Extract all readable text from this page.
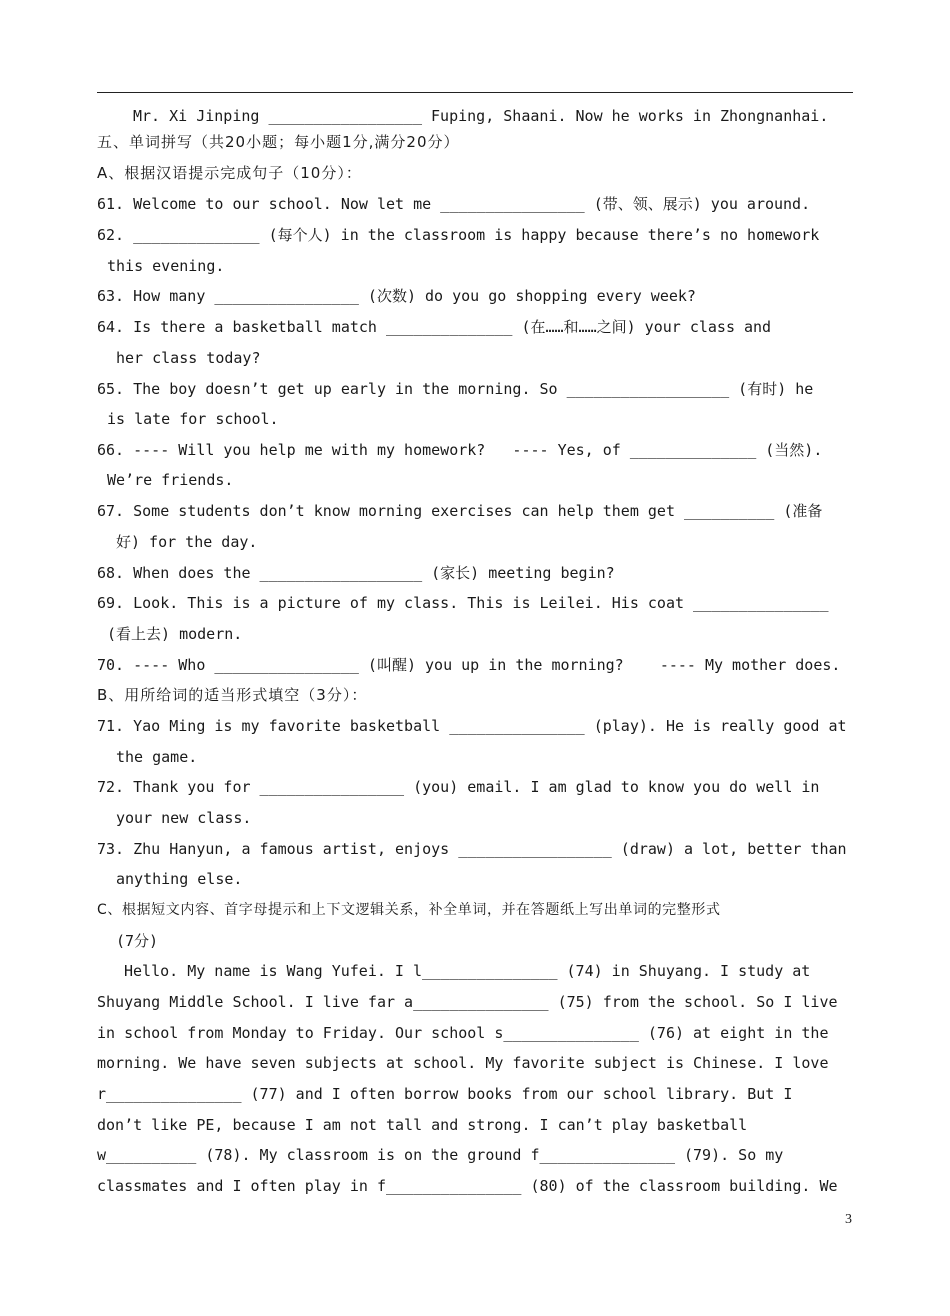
Mr. Xi Jinping _________________ Fuping, Shaani. Now he works in Zhongnanhai.
五、单词拼写（共20小题；每小题1分,满分20分）
A、根据汉语提示完成句子（10分）：
61. Welcome to our school. Now let me ________________ (带、领、展示) you around.
62. ______________ (每个人) in the classroom is happy because there’s no homework
this evening.
63. How many ________________ (次数) do you go shopping every week?
64. Is there a basketball match ______________ (在……和……之间) your class and
her class today?
65. The boy doesn’t get up early in the morning. So __________________ (有时) he
is late for school.
66. ---- Will you help me with my homework?   ---- Yes, of ______________ (当然).
We’re friends.
67. Some students don’t know morning exercises can help them get __________ (准备
好) for the day.
68. When does the __________________ (家长) meeting begin?
69. Look. This is a picture of my class. This is Leilei. His coat _______________
(看上去) modern.
70. ---- Who ________________ (叫醒) you up in the morning?    ---- My mother does.
B、用所给词的适当形式填空（3分）：
71. Yao Ming is my favorite basketball _______________ (play). He is really good at
the game.
72. Thank you for ________________ (you) email. I am glad to know you do well in
your new class.
73. Zhu Hanyun, a famous artist, enjoys _________________ (draw) a lot, better than
anything else.
C、根据短文内容、首字母提示和上下文逻辑关系，补全单词，并在答题纸上写出单词的完整形式
(7分)
Hello. My name is Wang Yufei. I l_______________ (74) in Shuyang. I study at
Shuyang Middle School. I live far a_______________ (75) from the school. So I live
in school from Monday to Friday. Our school s_______________ (76) at eight in the
morning. We have seven subjects at school. My favorite subject is Chinese. I love
r_______________ (77) and I often borrow books from our school library. But I
don’t like PE, because I am not tall and strong. I can’t play basketball
w__________ (78). My classroom is on the ground f_______________ (79). So my
classmates and I often play in f_______________ (80) of the classroom building. We
3
